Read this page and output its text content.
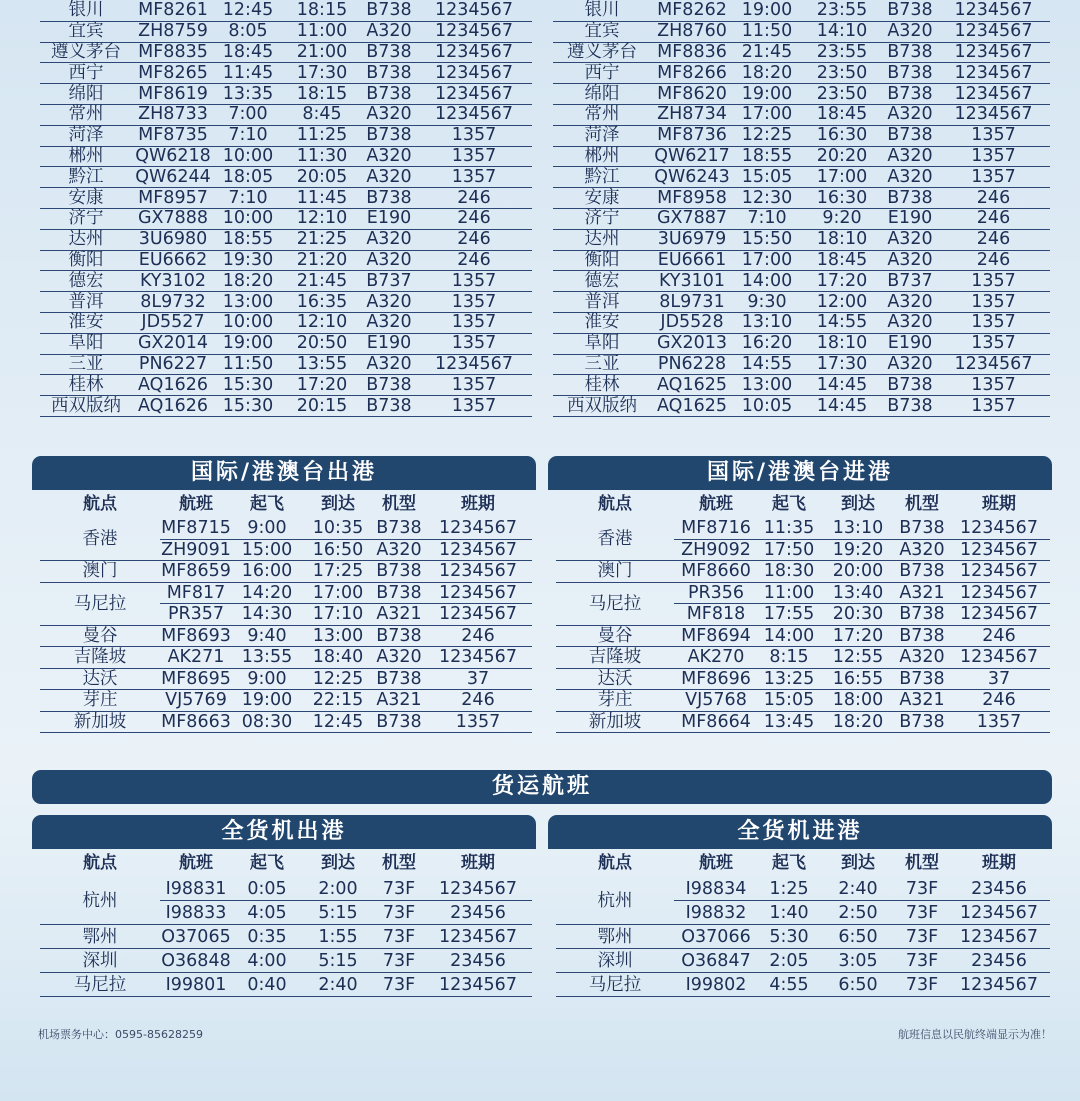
银川	MF8261	12:45	18:15	B738	1234567
宜宾	ZH8759	8:05	11:00	A320	1234567
遵义茅台	MF8835	18:45	21:00	B738	1234567
西宁	MF8265	11:45	17:30	B738	1234567
绵阳	MF8619	13:35	18:15	B738	1234567
常州	ZH8733	7:00	8:45	A320	1234567
菏泽	MF8735	7:10	11:25	B738	1357
郴州	QW6218	10:00	11:30	A320	1357
黔江	QW6244	18:05	20:05	A320	1357
安康	MF8957	7:10	11:45	B738	246
济宁	GX7888	10:00	12:10	E190	246
达州	3U6980	18:55	21:25	A320	246
衡阳	EU6662	19:30	21:20	A320	246
德宏	KY3102	18:20	21:45	B737	1357
普洱	8L9732	13:00	16:35	A320	1357
淮安	JD5527	10:00	12:10	A320	1357
阜阳	GX2014	19:00	20:50	E190	1357
三亚	PN6227	11:50	13:55	A320	1234567
桂林	AQ1626	15:30	17:20	B738	1357
西双版纳	AQ1626	15:30	20:15	B738	1357
银川	MF8262	19:00	23:55	B738	1234567
宜宾	ZH8760	11:50	14:10	A320	1234567
遵义茅台	MF8836	21:45	23:55	B738	1234567
西宁	MF8266	18:20	23:50	B738	1234567
绵阳	MF8620	19:00	23:50	B738	1234567
常州	ZH8734	17:00	18:45	A320	1234567
菏泽	MF8736	12:25	16:30	B738	1357
郴州	QW6217	18:55	20:20	A320	1357
黔江	QW6243	15:05	17:00	A320	1357
安康	MF8958	12:30	16:30	B738	246
济宁	GX7887	7:10	9:20	E190	246
达州	3U6979	15:50	18:10	A320	246
衡阳	EU6661	17:00	18:45	A320	246
德宏	KY3101	14:00	17:20	B737	1357
普洱	8L9731	9:30	12:00	A320	1357
淮安	JD5528	13:10	14:55	A320	1357
阜阳	GX2013	16:20	18:10	E190	1357
三亚	PN6228	14:55	17:30	A320	1234567
桂林	AQ1625	13:00	14:45	B738	1357
西双版纳	AQ1625	10:05	14:45	B738	1357
国际/港澳台出港
航点	航班	起飞	到达	机型	班期
香港	MF8715	9:00	10:35	B738	1234567
	ZH9091	15:00	16:50	A320	1234567
澳门	MF8659	16:00	17:25	B738	1234567
马尼拉	MF817	14:20	17:00	B738	1234567
	PR357	14:30	17:10	A321	1234567
曼谷	MF8693	9:40	13:00	B738	246
吉隆坡	AK271	13:55	18:40	A320	1234567
达沃	MF8695	9:00	12:25	B738	37
芽庄	VJ5769	19:00	22:15	A321	246
新加坡	MF8663	08:30	12:45	B738	1357
国际/港澳台进港
航点	航班	起飞	到达	机型	班期
香港	MF8716	11:35	13:10	B738	1234567
	ZH9092	17:50	19:20	A320	1234567
澳门	MF8660	18:30	20:00	B738	1234567
马尼拉	PR356	11:00	13:40	A321	1234567
	MF818	17:55	20:30	B738	1234567
曼谷	MF8694	14:00	17:20	B738	246
吉隆坡	AK270	8:15	12:55	A320	1234567
达沃	MF8696	13:25	16:55	B738	37
芽庄	VJ5768	15:05	18:00	A321	246
新加坡	MF8664	13:45	18:20	B738	1357
货运航班
全货机出港
航点	航班	起飞	到达	机型	班期
杭州	I98831	0:05	2:00	73F	1234567
	I98833	4:05	5:15	73F	23456
鄂州	O37065	0:35	1:55	73F	1234567
深圳	O36848	4:00	5:15	73F	23456
马尼拉	I99801	0:40	2:40	73F	1234567
全货机进港
航点	航班	起飞	到达	机型	班期
杭州	I98834	1:25	2:40	73F	23456
	I98832	1:40	2:50	73F	1234567
鄂州	O37066	5:30	6:50	73F	1234567
深圳	O36847	2:05	3:05	73F	23456
马尼拉	I99802	4:55	6:50	73F	1234567
机场票务中心：0595-85628259	航班信息以民航终端显示为准！
